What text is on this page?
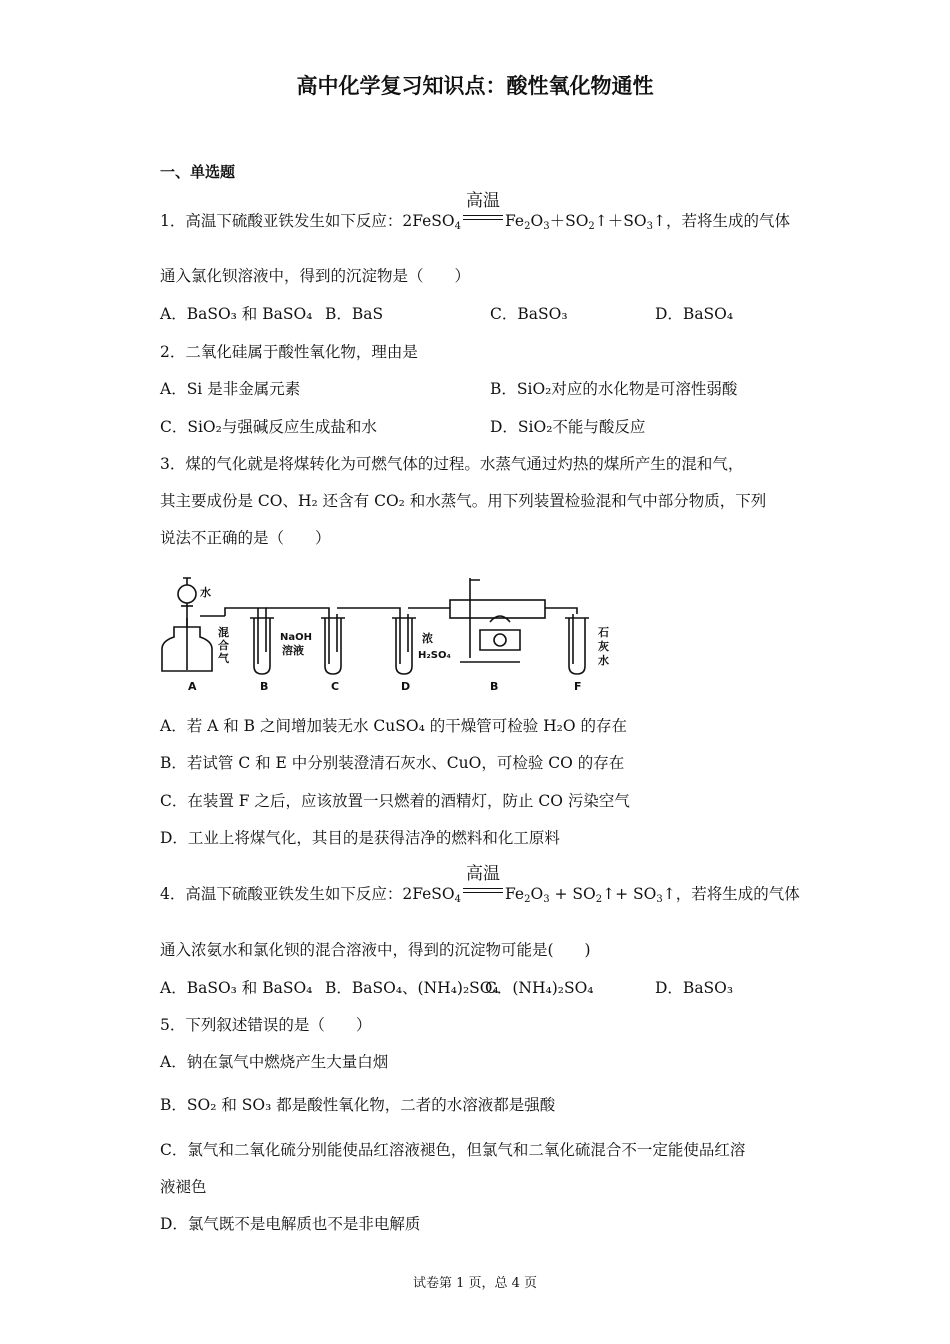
高中化学复习知识点：酸性氧化物通性
一、单选题
1．高温下硫酸亚铁发生如下反应：2FeSO$_4$
高温
$Fe_2O_3+SO_2↑+SO_3↑$，若将生成的气体
通入氯化钡溶液中，得到的沉淀物是（　　）
A．BaSO₃ 和 BaSO₄ B．BaS	C．BaSO₃	D．BaSO₄
2．二氧化硅属于酸性氧化物，理由是
A．Si 是非金属元素	B．SiO₂对应的水化物是可溶性弱酸
C．SiO₂与强碱反应生成盐和水	D．SiO₂不能与酸反应
3．煤的气化就是将煤转化为可燃气体的过程。水蒸气通过灼热的煤所产生的混和气，
其主要成份是 CO、H₂ 还含有 CO₂ 和水蒸气。用下列装置检验混和气中部分物质，下列
说法不正确的是（　　）
水
混
合
气
NaOH
溶液
浓
H₂SO₄
石
灰
水
A	B	C	D	B	F
A．若 A 和 B 之间增加装无水 CuSO₄ 的干燥管可检验 H₂O 的存在
B．若试管 C 和 E 中分别装澄清石灰水、CuO，可检验 CO 的存在
C．在装置 F 之后，应该放置一只燃着的酒精灯，防止 CO 污染空气
D．工业上将煤气化，其目的是获得洁净的燃料和化工原料
4．高温下硫酸亚铁发生如下反应：2FeSO$_4$
高温
$Fe_2O_3$ + $SO_2↑+$ $SO_3↑$，若将生成的气体
通入浓氨水和氯化钡的混合溶液中，得到的沉淀物可能是(　　)
A．BaSO₃ 和 BaSO₄ B．BaSO₄、(NH₄)₂SO₄
C．(NH₄)₂SO₄	D．BaSO₃
5．下列叙述错误的是（　　）
A．钠在氯气中燃烧产生大量白烟
B．SO₂ 和 SO₃ 都是酸性氧化物，二者的水溶液都是强酸
C．氯气和二氧化硫分别能使品红溶液褪色，但氯气和二氧化硫混合不一定能使品红溶
液褪色
D．氯气既不是电解质也不是非电解质
试卷第 1 页，总 4 页
